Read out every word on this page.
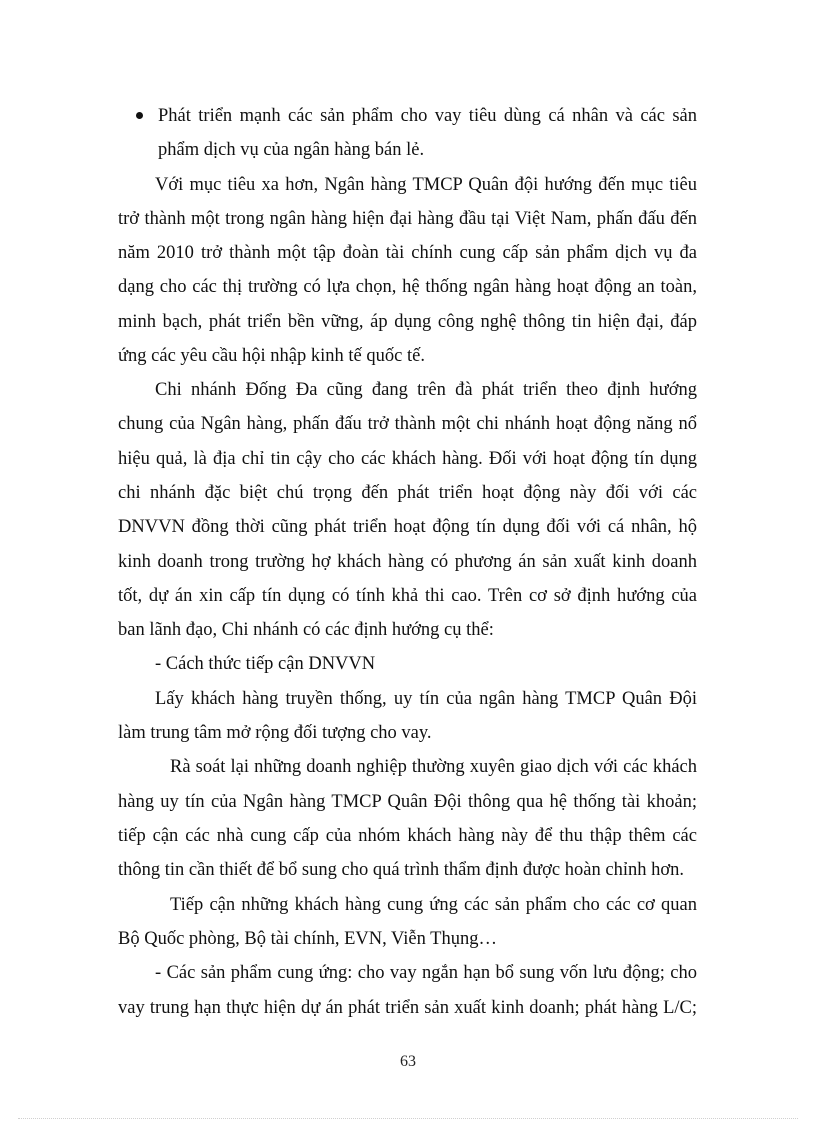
Phát triển mạnh các sản phẩm cho vay tiêu dùng cá nhân và các sản
phẩm dịch vụ của ngân hàng bán lẻ.
Với mục tiêu xa hơn, Ngân hàng TMCP Quân đội hướng đến mục tiêu
trở thành một trong ngân hàng hiện đại hàng đầu tại Việt Nam, phấn đấu đến
năm 2010 trở thành một tập đoàn tài chính cung cấp sản phẩm dịch vụ đa
dạng cho các thị trường có lựa chọn, hệ thống ngân hàng hoạt động an toàn,
minh bạch, phát triển bền vững, áp dụng công nghệ thông tin hiện đại, đáp
ứng các yêu cầu hội nhập kinh tế quốc tế.
Chi nhánh Đống Đa cũng đang trên đà phát triển theo định hướng
chung của Ngân hàng, phấn đấu trở thành một chi nhánh hoạt động năng nổ
hiệu quả, là địa chỉ tin cậy cho các khách hàng. Đối với hoạt động tín dụng
chi nhánh đặc biệt chú trọng đến phát triển hoạt động này đối với các
DNVVN đồng thời cũng phát triển hoạt động tín dụng đối với cá nhân, hộ
kinh doanh trong trường hợ khách hàng có phương án sản xuất kinh doanh
tốt, dự án xin cấp tín dụng có tính khả thi cao. Trên cơ sở định hướng của
ban lãnh đạo, Chi nhánh có các định hướng cụ thể:
- Cách thức tiếp cận DNVVN
Lấy khách hàng truyền thống, uy tín của ngân hàng TMCP Quân Đội
làm trung tâm mở rộng đối tượng cho vay.
Rà soát lại những doanh nghiệp thường xuyên giao dịch với các khách
hàng uy tín của Ngân hàng TMCP Quân Đội thông qua hệ thống tài khoản;
tiếp cận các nhà cung cấp của nhóm khách hàng này để thu thập thêm các
thông tin cần thiết để bổ sung cho quá trình thẩm định được hoàn chỉnh hơn.
Tiếp cận những khách hàng cung ứng các sản phẩm cho các cơ quan
Bộ Quốc phòng, Bộ tài chính, EVN, Viễn Thụng…
- Các sản phẩm cung ứng: cho vay ngắn hạn bổ sung vốn lưu động; cho
vay trung hạn thực hiện dự án phát triển sản xuất kinh doanh; phát hàng L/C;
63
